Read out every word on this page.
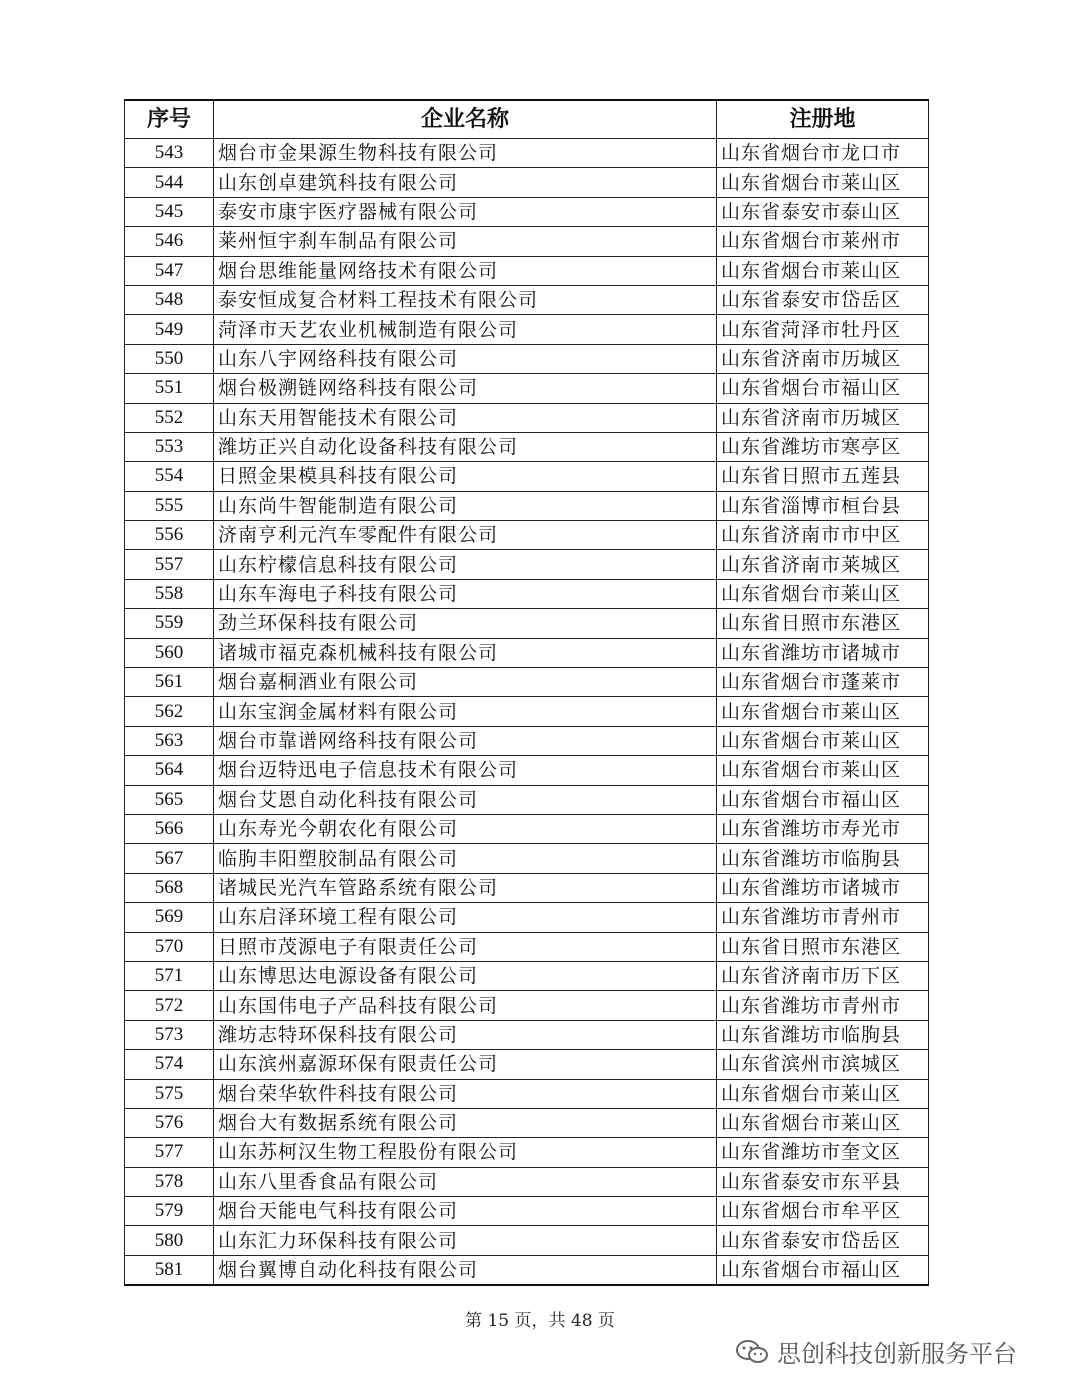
序号	企业名称	注册地
543	烟台市金果源生物科技有限公司	山东省烟台市龙口市
544	山东创卓建筑科技有限公司	山东省烟台市莱山区
545	泰安市康宇医疗器械有限公司	山东省泰安市泰山区
546	莱州恒宇刹车制品有限公司	山东省烟台市莱州市
547	烟台思维能量网络技术有限公司	山东省烟台市莱山区
548	泰安恒成复合材料工程技术有限公司	山东省泰安市岱岳区
549	菏泽市天艺农业机械制造有限公司	山东省菏泽市牡丹区
550	山东八宇网络科技有限公司	山东省济南市历城区
551	烟台极溯链网络科技有限公司	山东省烟台市福山区
552	山东天用智能技术有限公司	山东省济南市历城区
553	潍坊正兴自动化设备科技有限公司	山东省潍坊市寒亭区
554	日照金果模具科技有限公司	山东省日照市五莲县
555	山东尚牛智能制造有限公司	山东省淄博市桓台县
556	济南亨利元汽车零配件有限公司	山东省济南市市中区
557	山东柠檬信息科技有限公司	山东省济南市莱城区
558	山东车海电子科技有限公司	山东省烟台市莱山区
559	劲兰环保科技有限公司	山东省日照市东港区
560	诸城市福克森机械科技有限公司	山东省潍坊市诸城市
561	烟台嘉桐酒业有限公司	山东省烟台市蓬莱市
562	山东宝润金属材料有限公司	山东省烟台市莱山区
563	烟台市靠谱网络科技有限公司	山东省烟台市莱山区
564	烟台迈特迅电子信息技术有限公司	山东省烟台市莱山区
565	烟台艾恩自动化科技有限公司	山东省烟台市福山区
566	山东寿光今朝农化有限公司	山东省潍坊市寿光市
567	临朐丰阳塑胶制品有限公司	山东省潍坊市临朐县
568	诸城民光汽车管路系统有限公司	山东省潍坊市诸城市
569	山东启泽环境工程有限公司	山东省潍坊市青州市
570	日照市茂源电子有限责任公司	山东省日照市东港区
571	山东博思达电源设备有限公司	山东省济南市历下区
572	山东国伟电子产品科技有限公司	山东省潍坊市青州市
573	潍坊志特环保科技有限公司	山东省潍坊市临朐县
574	山东滨州嘉源环保有限责任公司	山东省滨州市滨城区
575	烟台荣华软件科技有限公司	山东省烟台市莱山区
576	烟台大有数据系统有限公司	山东省烟台市莱山区
577	山东苏柯汉生物工程股份有限公司	山东省潍坊市奎文区
578	山东八里香食品有限公司	山东省泰安市东平县
579	烟台天能电气科技有限公司	山东省烟台市牟平区
580	山东汇力环保科技有限公司	山东省泰安市岱岳区
581	烟台翼博自动化科技有限公司	山东省烟台市福山区
第 15 页，共 48 页
思创科技创新服务平台
